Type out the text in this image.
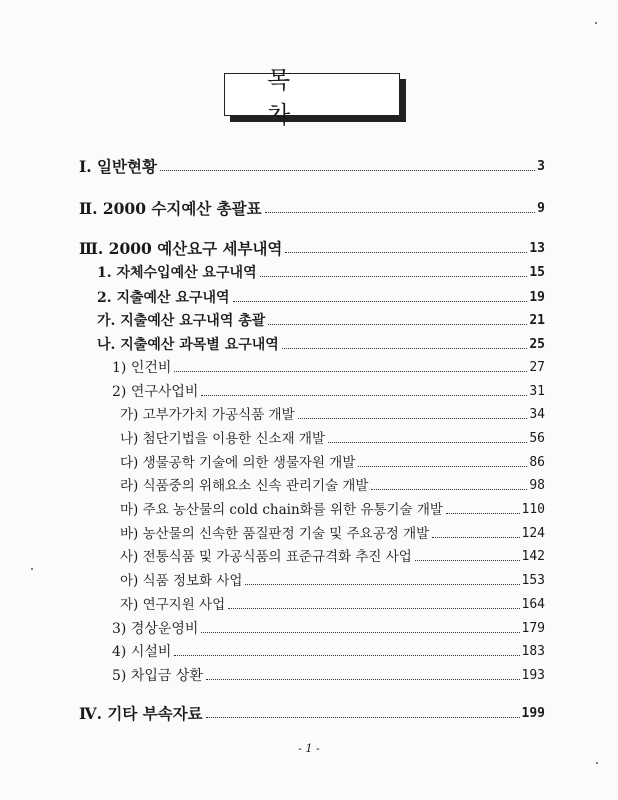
목 차
Ⅰ. 일반현황	3
Ⅱ. 2000 수지예산 총괄표	9
Ⅲ. 2000 예산요구 세부내역	13
1. 자체수입예산 요구내역	15
2. 지출예산 요구내역	19
가. 지출예산 요구내역 총괄	21
나. 지출예산 과목별 요구내역	25
1) 인건비	27
2) 연구사업비	31
가) 고부가가치 가공식품 개발	34
나) 첨단기법을 이용한 신소재 개발	56
다) 생물공학 기술에 의한 생물자원 개발	86
라) 식품중의 위해요소 신속 관리기술 개발	98
마) 주요 농산물의 cold chain화를 위한 유통기술 개발	110
바) 농산물의 신속한 품질판정 기술 및 주요공정 개발	124
사) 전통식품 및 가공식품의 표준규격화 추진 사업	142
아) 식품 정보화 사업	153
자) 연구지원 사업	164
3) 경상운영비	179
4) 시설비	183
5) 차입금 상환	193
Ⅳ. 기타 부속자료	199
- 1 -
